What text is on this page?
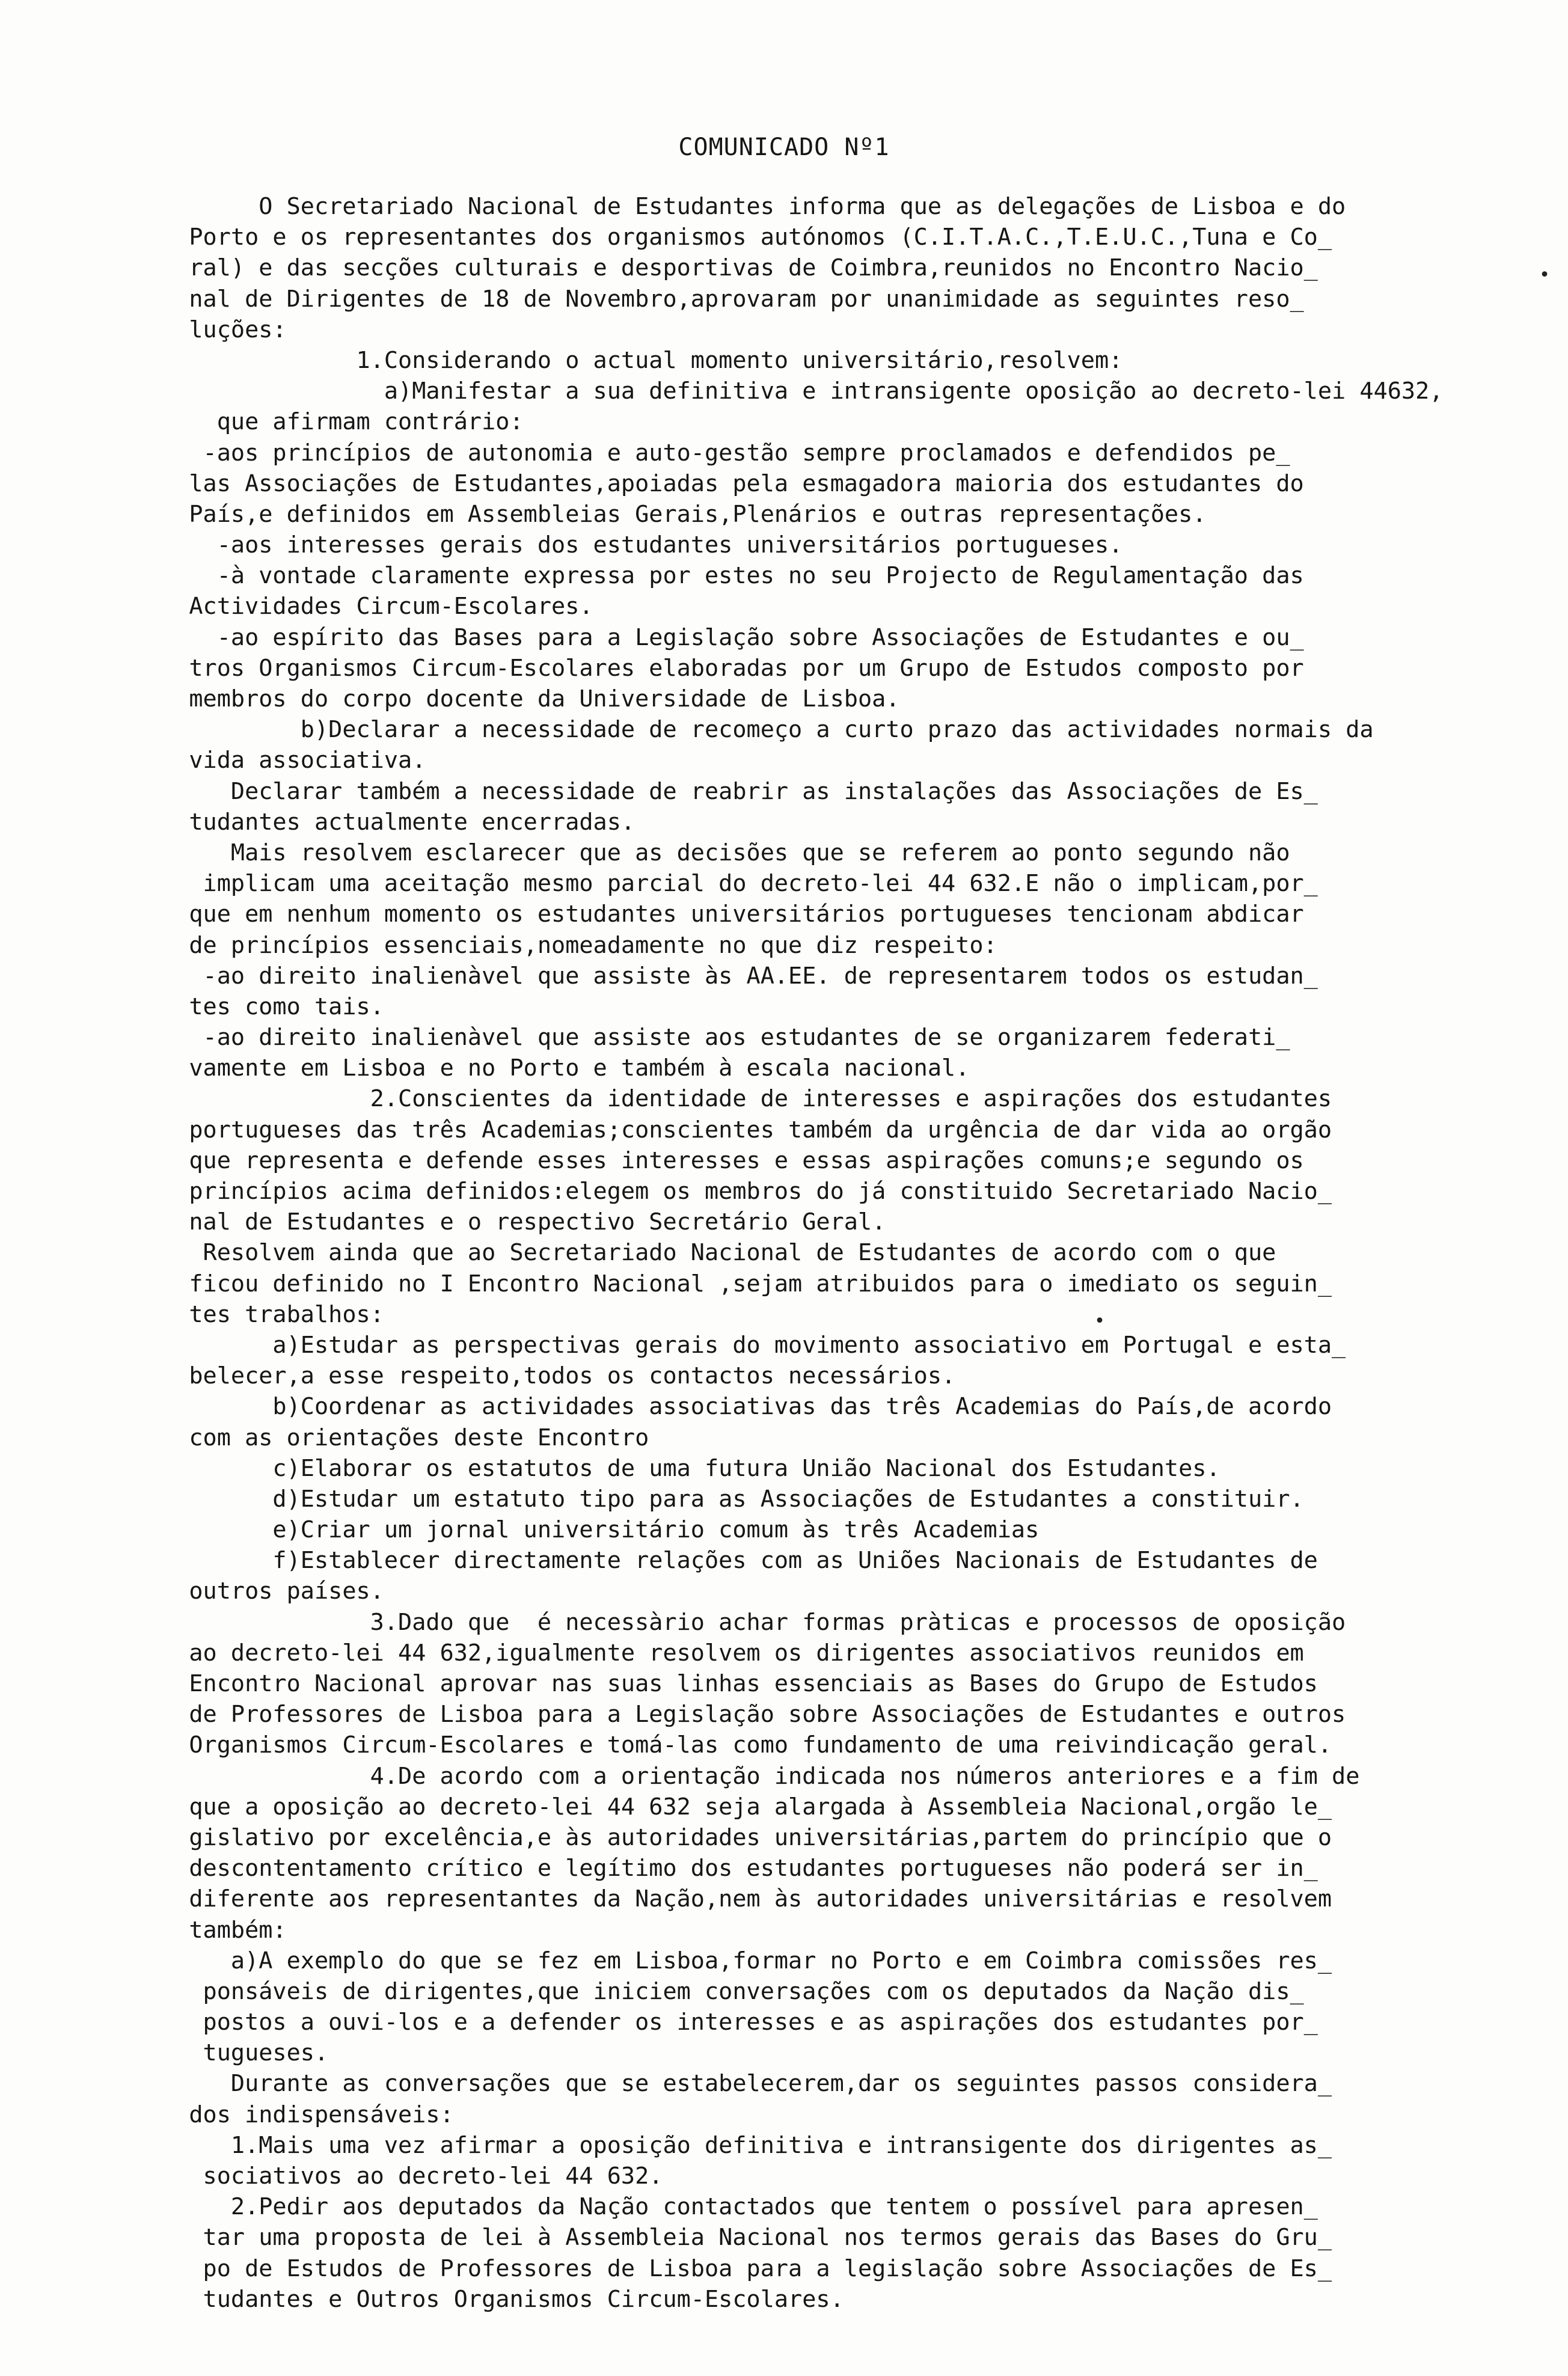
COMUNICADO Nº1
O Secretariado Nacional de Estudantes informa que as delegações de Lisboa e do
Porto e os representantes dos organismos autónomos (C.I.T.A.C.,T.E.U.C.,Tuna e Co_
ral) e das secções culturais e desportivas de Coimbra,reunidos no Encontro Nacio_
nal de Dirigentes de 18 de Novembro,aprovaram por unanimidade as seguintes reso_
luções:
1.Considerando o actual momento universitário,resolvem:
a)Manifestar a sua definitiva e intransigente oposição ao decreto-lei 44632,
que afirmam contrário:
-aos princípios de autonomia e auto-gestão sempre proclamados e defendidos pe_
las Associações de Estudantes,apoiadas pela esmagadora maioria dos estudantes do
País,e definidos em Assembleias Gerais,Plenários e outras representações.
-aos interesses gerais dos estudantes universitários portugueses.
-à vontade claramente expressa por estes no seu Projecto de Regulamentação das
Actividades Circum-Escolares.
-ao espírito das Bases para a Legislação sobre Associações de Estudantes e ou_
tros Organismos Circum-Escolares elaboradas por um Grupo de Estudos composto por
membros do corpo docente da Universidade de Lisboa.
b)Declarar a necessidade de recomeço a curto prazo das actividades normais da
vida associativa.
Declarar também a necessidade de reabrir as instalações das Associações de Es_
tudantes actualmente encerradas.
Mais resolvem esclarecer que as decisões que se referem ao ponto segundo não
implicam uma aceitação mesmo parcial do decreto-lei 44 632.E não o implicam,por_
que em nenhum momento os estudantes universitários portugueses tencionam abdicar
de princípios essenciais,nomeadamente no que diz respeito:
-ao direito inalienàvel que assiste às AA.EE. de representarem todos os estudan_
tes como tais.
-ao direito inalienàvel que assiste aos estudantes de se organizarem federati_
vamente em Lisboa e no Porto e também à escala nacional.
2.Conscientes da identidade de interesses e aspirações dos estudantes
portugueses das três Academias;conscientes também da urgência de dar vida ao orgão
que representa e defende esses interesses e essas aspirações comuns;e segundo os
princípios acima definidos:elegem os membros do já constituido Secretariado Nacio_
nal de Estudantes e o respectivo Secretário Geral.
Resolvem ainda que ao Secretariado Nacional de Estudantes de acordo com o que
ficou definido no I Encontro Nacional ,sejam atribuidos para o imediato os seguin_
tes trabalhos:
a)Estudar as perspectivas gerais do movimento associativo em Portugal e esta_
belecer,a esse respeito,todos os contactos necessários.
b)Coordenar as actividades associativas das três Academias do País,de acordo
com as orientações deste Encontro
c)Elaborar os estatutos de uma futura União Nacional dos Estudantes.
d)Estudar um estatuto tipo para as Associações de Estudantes a constituir.
e)Criar um jornal universitário comum às três Academias
f)Establecer directamente relações com as Uniões Nacionais de Estudantes de
outros países.
3.Dado que  é necessàrio achar formas pràticas e processos de oposição
ao decreto-lei 44 632,igualmente resolvem os dirigentes associativos reunidos em
Encontro Nacional aprovar nas suas linhas essenciais as Bases do Grupo de Estudos
de Professores de Lisboa para a Legislação sobre Associações de Estudantes e outros
Organismos Circum-Escolares e tomá-las como fundamento de uma reivindicação geral.
4.De acordo com a orientação indicada nos números anteriores e a fim de
que a oposição ao decreto-lei 44 632 seja alargada à Assembleia Nacional,orgão le_
gislativo por excelência,e às autoridades universitárias,partem do princípio que o
descontentamento crítico e legítimo dos estudantes portugueses não poderá ser in_
diferente aos representantes da Nação,nem às autoridades universitárias e resolvem
também:
a)A exemplo do que se fez em Lisboa,formar no Porto e em Coimbra comissões res_
ponsáveis de dirigentes,que iniciem conversações com os deputados da Nação dis_
postos a ouvi-los e a defender os interesses e as aspirações dos estudantes por_
tugueses.
Durante as conversações que se estabelecerem,dar os seguintes passos considera_
dos indispensáveis:
1.Mais uma vez afirmar a oposição definitiva e intransigente dos dirigentes as_
sociativos ao decreto-lei 44 632.
2.Pedir aos deputados da Nação contactados que tentem o possível para apresen_
tar uma proposta de lei à Assembleia Nacional nos termos gerais das Bases do Gru_
po de Estudos de Professores de Lisboa para a legislação sobre Associações de Es_
tudantes e Outros Organismos Circum-Escolares.
•
•
